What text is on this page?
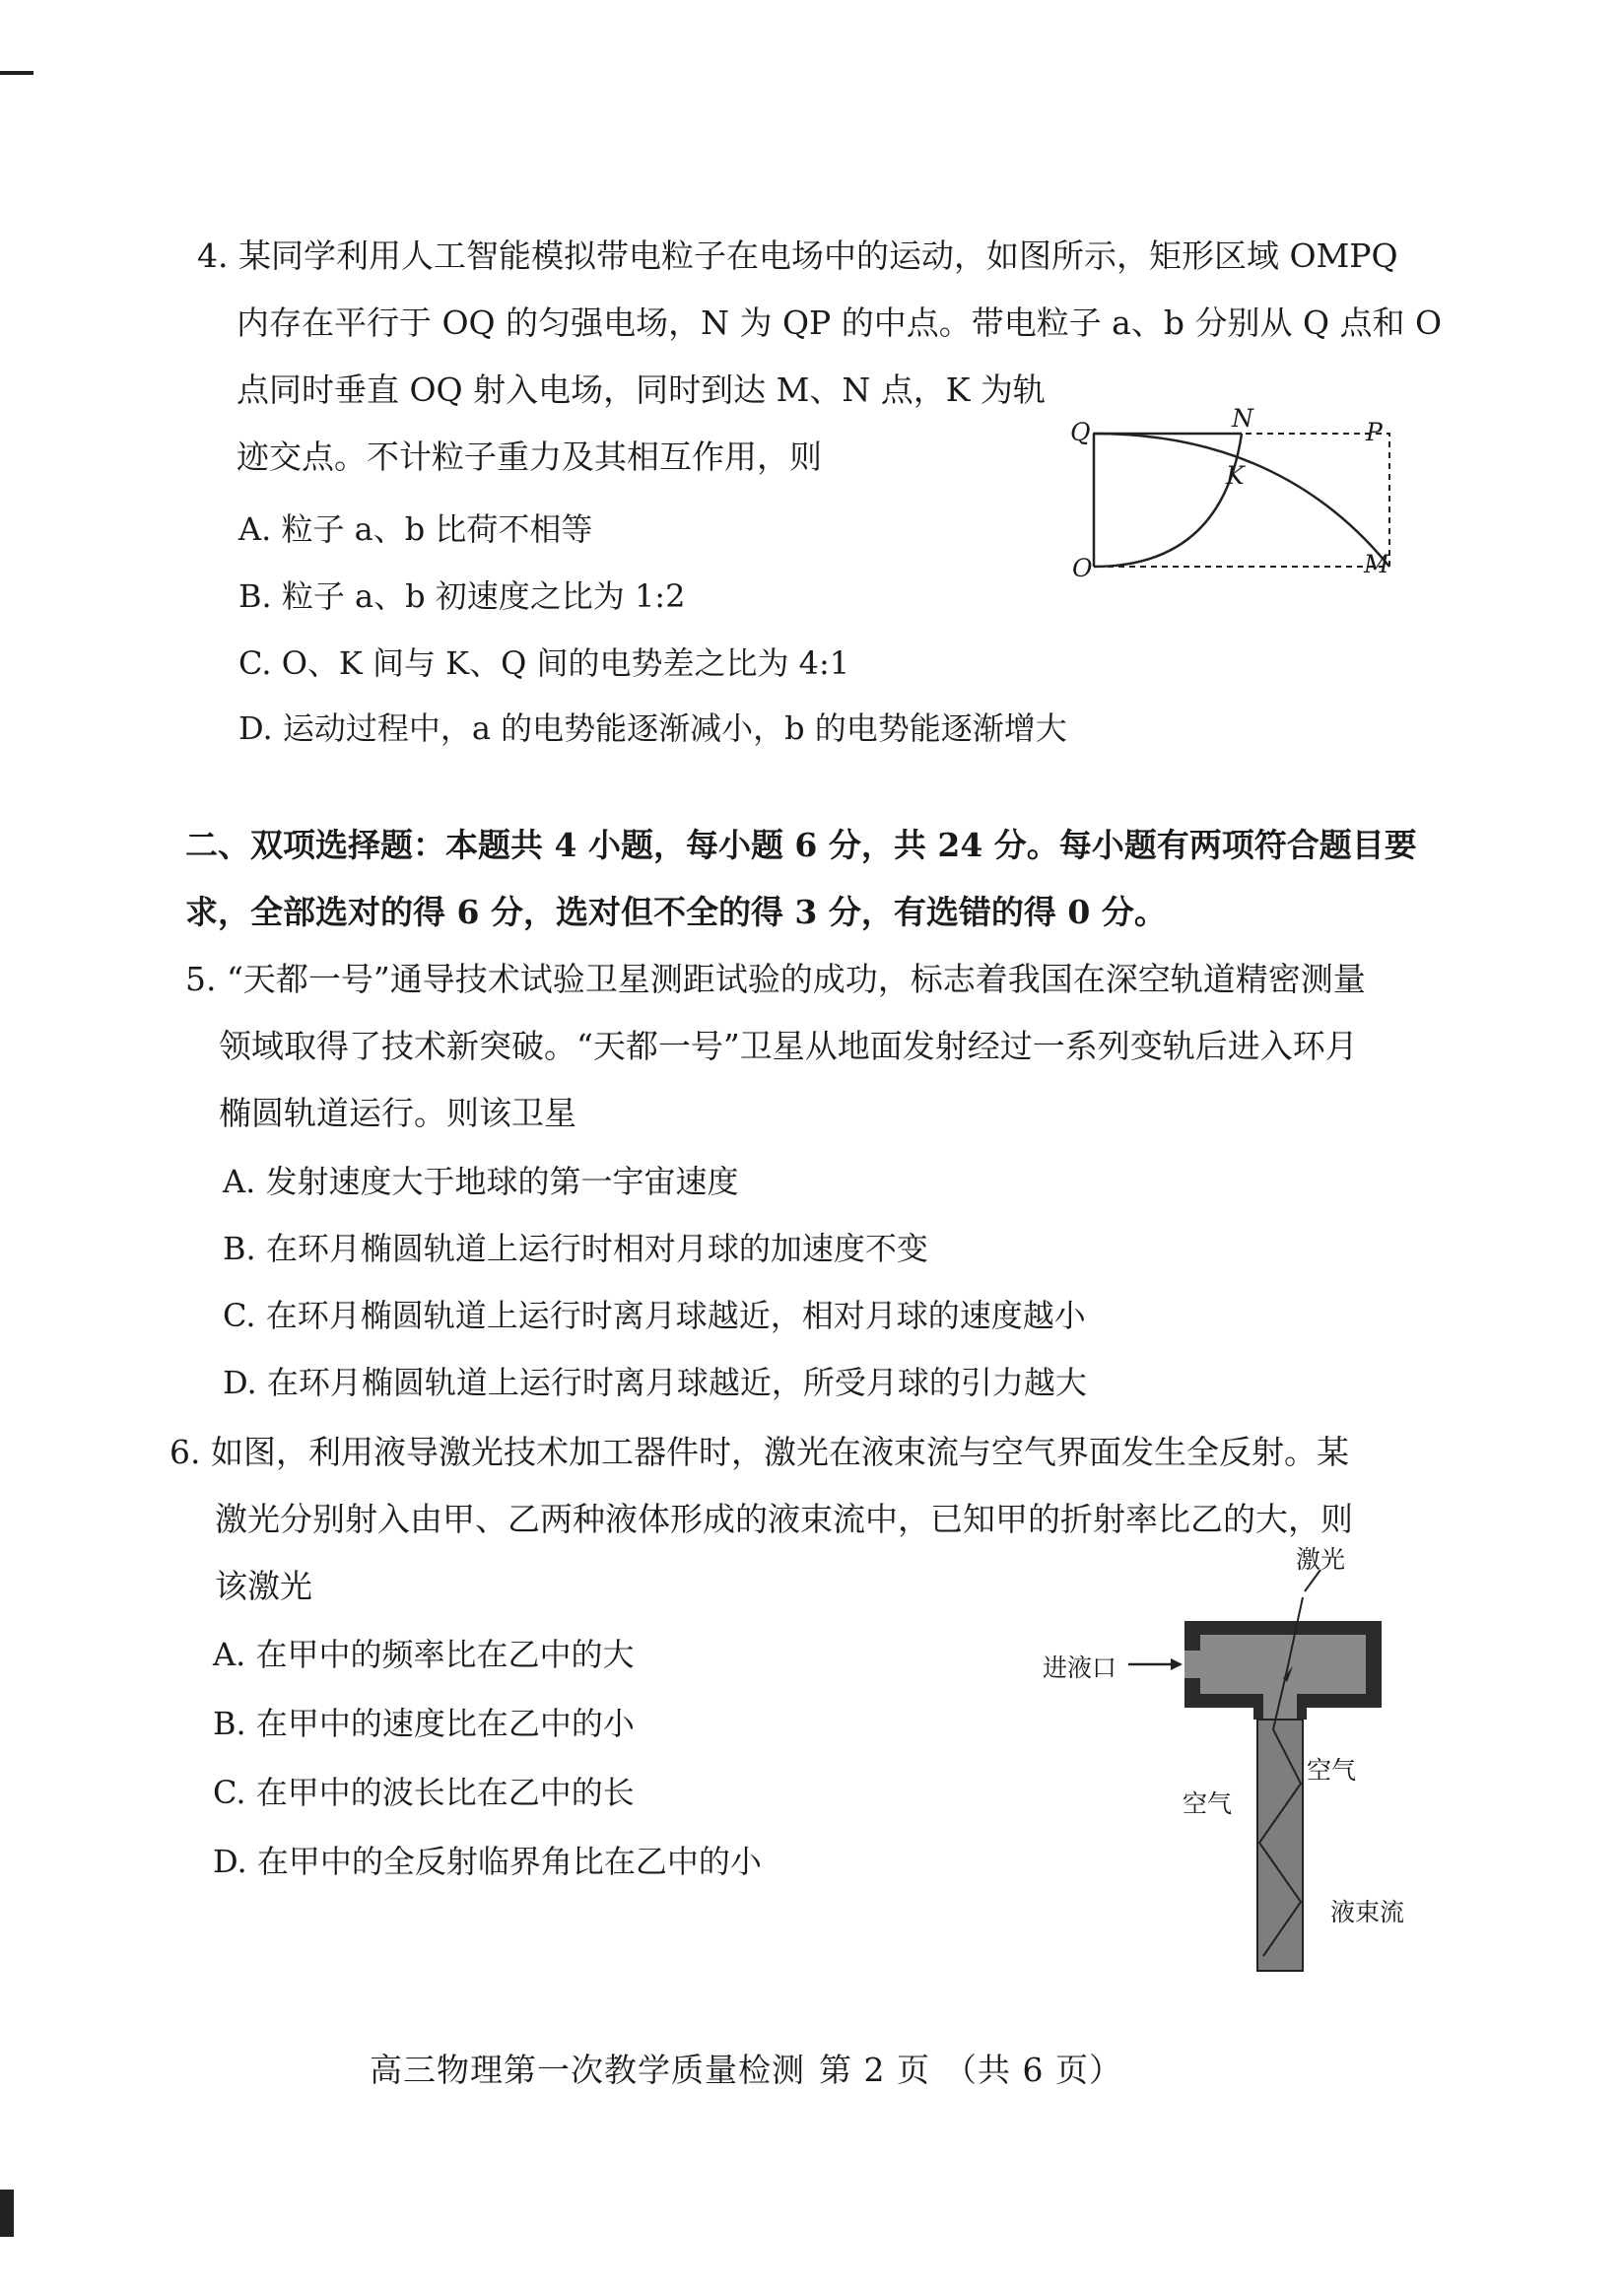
4. 某同学利用人工智能模拟带电粒子在电场中的运动，如图所示，矩形区域 OMPQ
内存在平行于 OQ 的匀强电场，N 为 QP 的中点。带电粒子 a、b 分别从 Q 点和 O
点同时垂直 OQ 射入电场，同时到达 M、N 点，K 为轨
迹交点。不计粒子重力及其相互作用，则
A. 粒子 a、b 比荷不相等
B. 粒子 a、b 初速度之比为 1:2
C. O、K 间与 K、Q 间的电势差之比为 4:1
D. 运动过程中，a 的电势能逐渐减小，b 的电势能逐渐增大
Q	N	P
K
O	M
二、双项选择题：本题共 4 小题，每小题 6 分，共 24 分。每小题有两项符合题目要
求，全部选对的得 6 分，选对但不全的得 3 分，有选错的得 0 分。
5. “天都一号”通导技术试验卫星测距试验的成功，标志着我国在深空轨道精密测量
领域取得了技术新突破。“天都一号”卫星从地面发射经过一系列变轨后进入环月
椭圆轨道运行。则该卫星
A. 发射速度大于地球的第一宇宙速度
B. 在环月椭圆轨道上运行时相对月球的加速度不变
C. 在环月椭圆轨道上运行时离月球越近，相对月球的速度越小
D. 在环月椭圆轨道上运行时离月球越近，所受月球的引力越大
6. 如图，利用液导激光技术加工器件时，激光在液束流与空气界面发生全反射。某
激光分别射入由甲、乙两种液体形成的液束流中，已知甲的折射率比乙的大，则
该激光
A. 在甲中的频率比在乙中的大
B. 在甲中的速度比在乙中的小
C. 在甲中的波长比在乙中的长
D. 在甲中的全反射临界角比在乙中的小
激光
进液口
空气
空气
液束流
高三物理第一次教学质量检测 第 2 页 （共 6 页）
